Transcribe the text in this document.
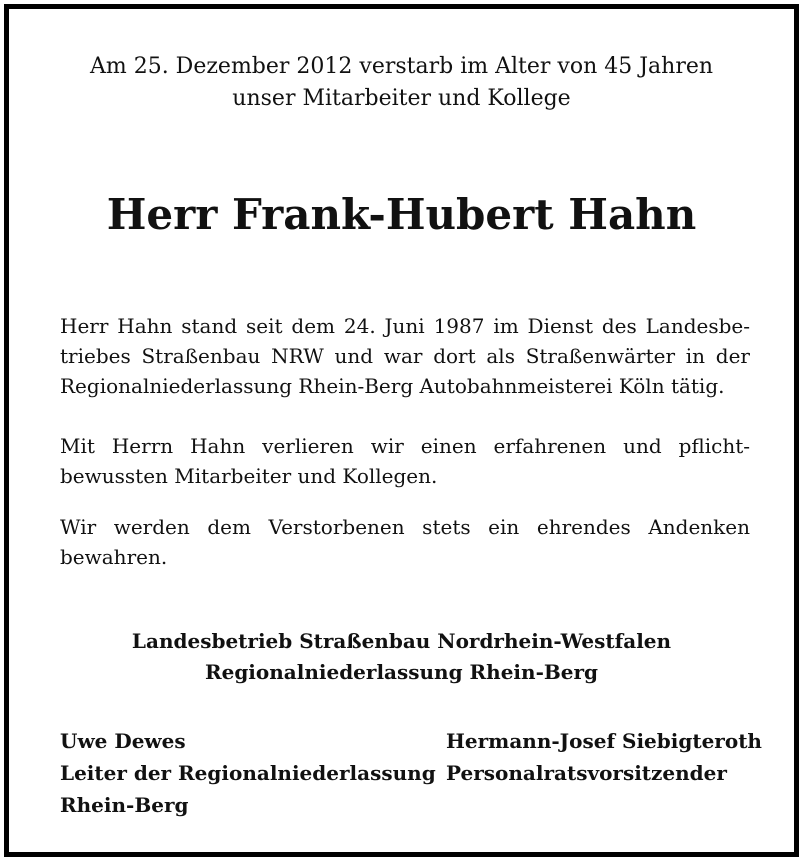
Am 25. Dezember 2012 verstarb im Alter von 45 Jahren
unser Mitarbeiter und Kollege
Herr Frank-Hubert Hahn
Herr Hahn stand seit dem 24. Juni 1987 im Dienst des Landesbe-
triebes Straßenbau NRW und war dort als Straßenwärter in der
Regionalniederlassung Rhein-Berg Autobahnmeisterei Köln tätig.
Mit Herrn Hahn verlieren wir einen erfahrenen und pflicht-
bewussten Mitarbeiter und Kollegen.
Wir werden dem Verstorbenen stets ein ehrendes Andenken
bewahren.
Landesbetrieb Straßenbau Nordrhein-Westfalen
Regionalniederlassung Rhein-Berg
Uwe Dewes
Leiter der Regionalniederlassung
Rhein-Berg
Hermann-Josef Siebigteroth
Personalratsvorsitzender
